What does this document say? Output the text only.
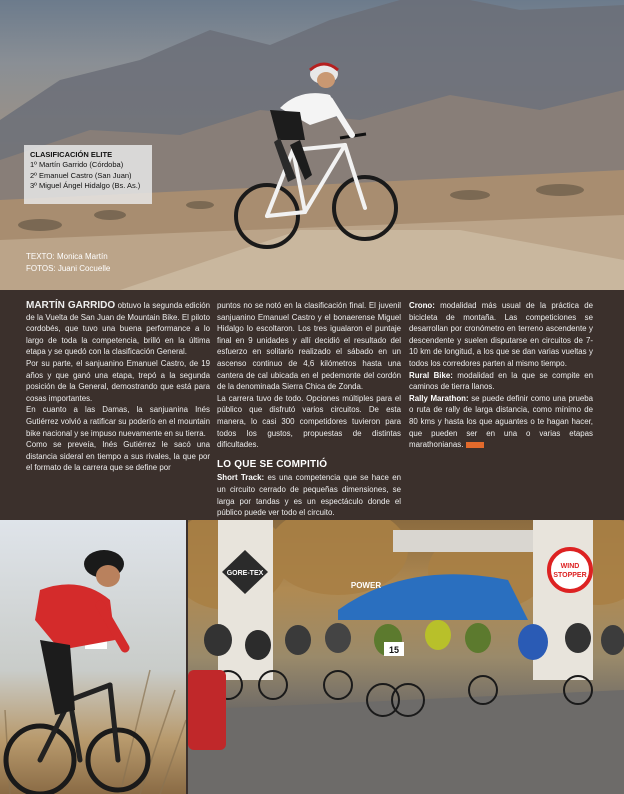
CLASIFICACIÓN ELITE
1º Martín Garrido (Córdoba)
2º Emanuel Castro (San Juan)
3º Miguel Ángel Hidalgo (Bs. As.)
TEXTO: Monica Martín
FOTOS: Juani Cocuelle

MARTÍN GARRIDO obtuvo la segunda edición de la Vuelta de San Juan de Mountain Bike. El piloto cordobés, que tuvo una buena performance a lo largo de toda la competencia, brilló en la última etapa y se quedó con la clasificación General.

Por su parte, el sanjuanino Emanuel Castro, de 19 años y que ganó una etapa, trepó a la segunda posición de la General, demostrando que está para cosas importantes.

En cuanto a las Damas, la sanjuanina Inés Gutiérrez volvió a ratificar su poderío en el mountain bike nacional y se impuso nuevamente en su tierra.

Como se preveía, Inés Gutiérrez le sacó una distancia sideral en tiempo a sus rivales, la que por el formato de la carrera que se define por

puntos no se notó en la clasificación final. El juvenil sanjuanino Emanuel Castro y el bonaerense Miguel Hidalgo lo escoltaron. Los tres igualaron el puntaje final en 9 unidades y allí decidió el resultado del esfuerzo en solitario realizado el sábado en un ascenso continuo de 4,6 kilómetros hasta una cantera de cal ubicada en el pedemonte del cordón de la denominada Sierra Chica de Zonda.

La carrera tuvo de todo. Opciones múltiples para el público que disfrutó varios circuitos. De esta manera, lo casi 300 competidores tuvieron para todos los gustos, propuestas de distintas dificultades.

LO QUE SE COMPITIÓ

Short Track: es una competencia que se hace en un circuito cerrado de pequeñas dimensiones, se larga por tandas y es un espectáculo donde el público puede ver todo el circuito.

Crono: modalidad más usual de la práctica de bicicleta de montaña. Las competiciones se desarrollan por cronómetro en terreno ascendente y descendente y suelen disputarse en circuitos de 7-10 km de longitud, a los que se dan varias vueltas y todos los corredores parten al mismo tiempo.

Rural Bike: modalidad en la que se compite en caminos de tierra llanos.

Rally Marathon: se puede definir como una prueba o ruta de rally de larga distancia, como mínimo de 80 kms y hasta los que aguantes o te hagan hacer, que pueden ser en una o varias etapas marathonianas.

GORE-TEX
WIND
STOPPER
POWER
15
